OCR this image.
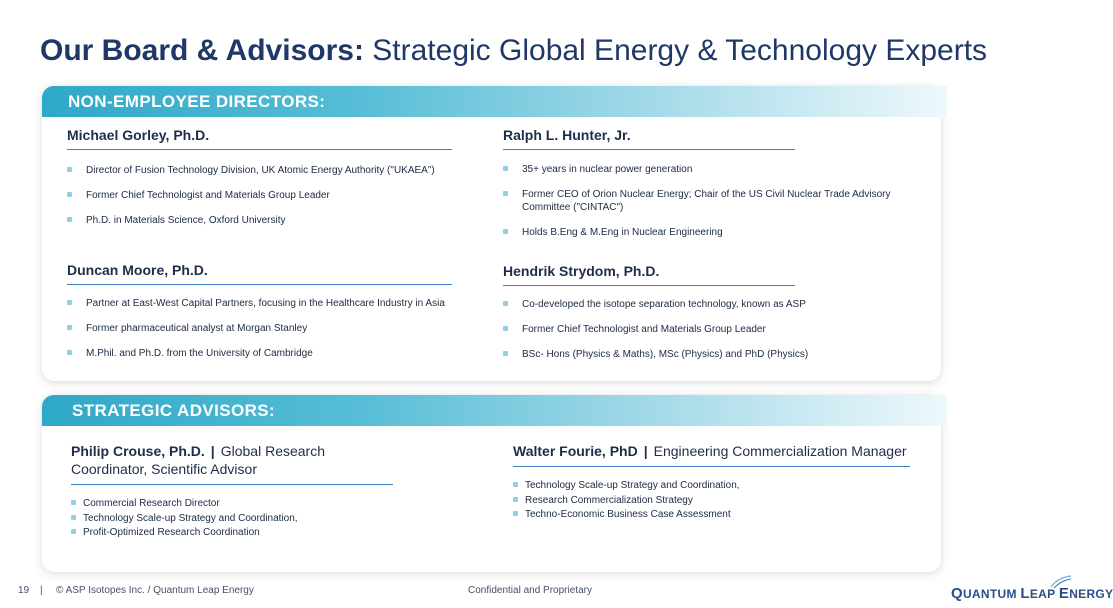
Our Board & Advisors: Strategic Global Energy & Technology Experts
NON-EMPLOYEE DIRECTORS:
Michael Gorley, Ph.D.
Director of Fusion Technology Division, UK Atomic Energy Authority ("UKAEA")
Former Chief Technologist and Materials Group Leader
Ph.D. in Materials Science, Oxford University
Ralph L. Hunter, Jr.
35+ years in nuclear power generation
Former CEO of Orion Nuclear Energy; Chair of the US Civil Nuclear Trade Advisory Committee ("CINTAC")
Holds B.Eng & M.Eng in Nuclear Engineering
Duncan Moore, Ph.D.
Partner at East-West Capital Partners, focusing in the Healthcare Industry in Asia
Former pharmaceutical analyst at Morgan Stanley
M.Phil. and Ph.D. from the University of Cambridge
Hendrik Strydom, Ph.D.
Co-developed the isotope separation technology, known as ASP
Former Chief Technologist and Materials Group Leader
BSc- Hons (Physics & Maths), MSc (Physics) and PhD (Physics)
STRATEGIC ADVISORS:
Philip Crouse, Ph.D. | Global Research Coordinator, Scientific Advisor
Commercial Research Director
Technology Scale-up Strategy and Coordination,
Profit-Optimized Research Coordination
Walter Fourie, PhD | Engineering Commercialization Manager
Technology Scale-up Strategy and Coordination,
Research Commercialization Strategy
Techno-Economic Business Case Assessment
19 | © ASP Isotopes Inc. / Quantum Leap Energy	Confidential and Proprietary	QUANTUM LEAP ENERGY
